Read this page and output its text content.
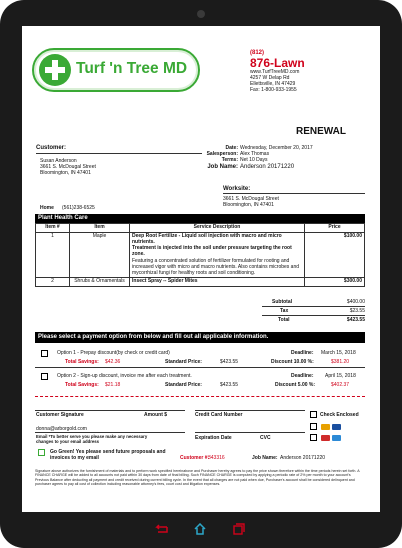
Turf 'n Tree MD
(812)
876-Lawn
www.TurfTreeMD.com
4257 W Delap Rd
Ellettsville, IN 47429
Fax: 1-800-933-1955
RENEWAL
Customer:
Susan Anderson
3661 S. McDougal Street
Bloomington, IN 47401
Home (561)238-6525
Date: Wednesday, December 20, 2017
Salesperson: Alex Thomas
Terms: Net 10 Days
Job Name: Anderson 20171220
Worksite:
3661 S. McDougal Street
Bloomington, IN 47401
Plant Health Care
Item #	Item	Service Description	Price
1	Maple	Deep Root Fertilize - Liquid soil injection with macro and micro nutrients.
Treatment is injected into the soil under pressure targeting the root zone.
Featuring a concentrated solution of fertilizer formulated for rooting and increased vigor with micro and macro nutrients. Also contains microbes and mycorrhizal fungi for healthy roots and soil conditioning.	$100.00
2	Shrubs & Ornamentals	Insect Spray -- Spider Mites	$300.00
Subtotal	$400.00
Tax	$23.55
Total	$423.55
Please select a payment option from below and fill out all applicable information.
Option 1 - Prepay discount(by check or credit card)
Total Savings: $42.36	Standard Price:	$423.55
Deadline: March 15, 2018
Discount 10.00 %:	$381.20
Option 2 - Sign-up discount, invoice me after each treatment.
Total Savings: $21.18	Standard Price:	$423.55
Deadline: April 15, 2018
Discount 5.00 %:	$402.37
Customer Signature	Amount $	Credit Card Number	Check Enclosed
donna@arborgold.com
Email *To better serve you please make any necessary changes to your email address
Expiration Date	CVC
Go Green! Yes please send future proposals and invoices to my email	Customer #:
343316	Job Name: Anderson 20171220
Signature above authorizes the furnishment of materials and to perform work specified hereinabove and Purchaser hereby agrees to pay the price shown therefore within the time periods herein set forth. A FINANCE CHARGE will be added to all accounts not paid within 30 days from date of final billing. Such FINANCE CHARGE is computed by applying a periodic rate of 2% per month to your account's Previous Balance after deducting all payment and credit received during current billing cycle. In the event that all charges are not paid when due, Purchaser's account shall be considered delinquent and purchaser agrees to pay all cost of collection including reasonable attorney's fees, court cost and litigation expenses.
